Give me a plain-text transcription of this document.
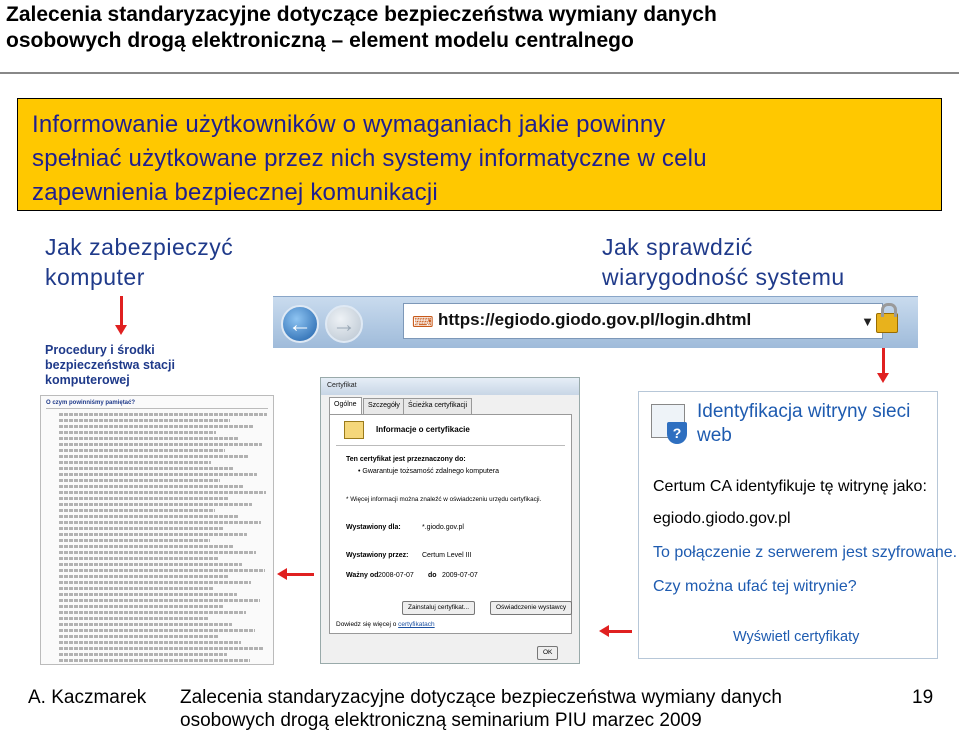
Zalecenia standaryzacyjne dotyczące bezpieczeństwa wymiany danych
osobowych drogą elektroniczną – element modelu centralnego
Informowanie użytkowników o wymaganiach jakie powinny
spełniać użytkowane przez nich systemy informatyczne w celu
zapewnienia bezpiecznej komunikacji
Jak zabezpieczyć
komputer
Jak sprawdzić
wiarygodność systemu
← →	⌨ https://egiodo.giodo.gov.pl/login.dhtml	▼
Procedury i środki
bezpieczeństwa stacji
komputerowej
O czym powinniśmy pamiętać?
Certyfikat
Ogólne	Szczegóły	Ścieżka certyfikacji
Informacje o certyfikacie
Ten certyfikat jest przeznaczony do:
• Gwarantuje tożsamość zdalnego komputera
* Więcej informacji można znaleźć w oświadczeniu urzędu certyfikacji.
Wystawiony dla:	*.giodo.gov.pl
Wystawiony przez: Certum Level III
Ważny od 2008-07-07 do 2009-07-07
Zainstaluj certyfikat...	Oświadczenie wystawcy
Dowiedz się więcej o certyfikatach
OK
?
Identyfikacja witryny sieci
web
Certum CA identyfikuje tę witrynę jako:
egiodo.giodo.gov.pl
To połączenie z serwerem jest szyfrowane.
Czy można ufać tej witrynie?
Wyświetl certyfikaty
A. Kaczmarek Zalecenia standaryzacyjne dotyczące bezpieczeństwa wymiany danych
osobowych drogą elektroniczną seminarium PIU marzec 2009
19
